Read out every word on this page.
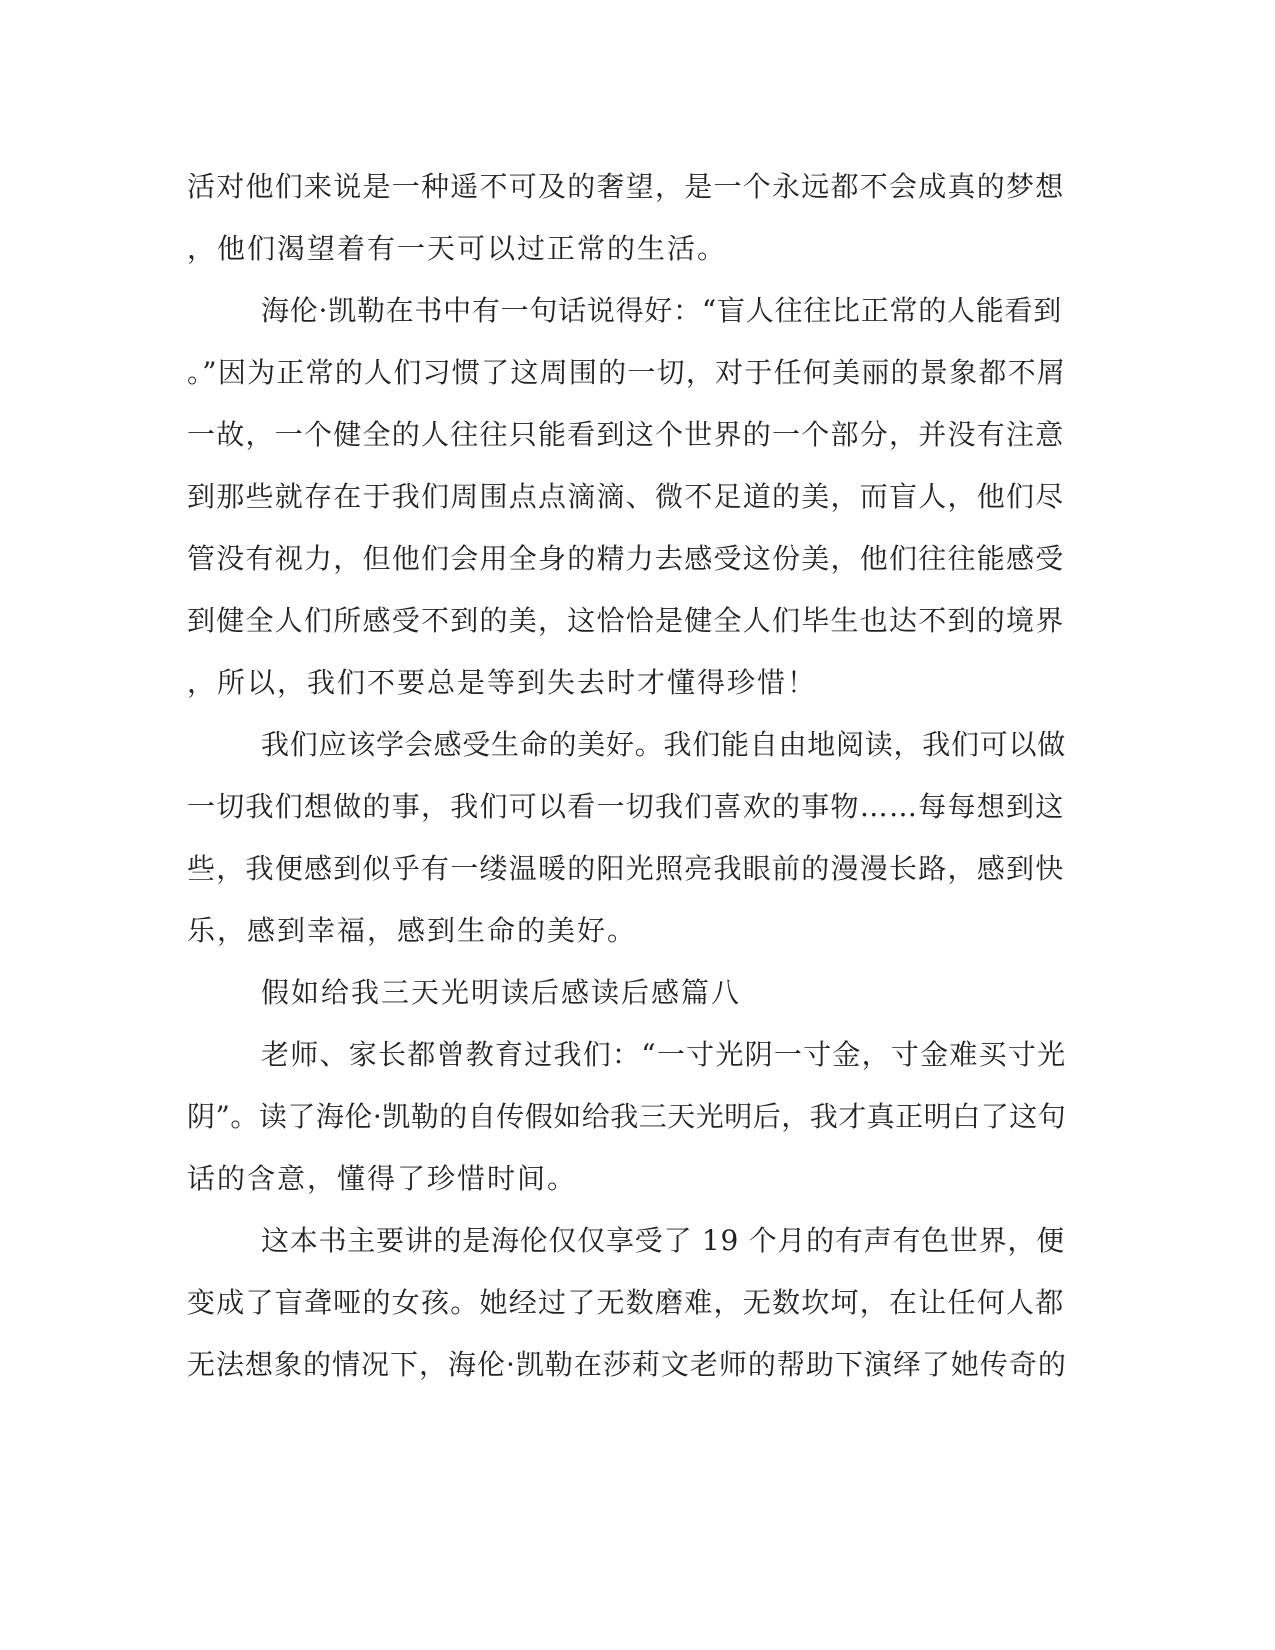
活对他们来说是一种遥不可及的奢望，是一个永远都不会成真的梦想
，他们渴望着有一天可以过正常的生活。
海伦·凯勒在书中有一句话说得好：“盲人往往比正常的人能看到
。”因为正常的人们习惯了这周围的一切，对于任何美丽的景象都不屑
一故，一个健全的人往往只能看到这个世界的一个部分，并没有注意
到那些就存在于我们周围点点滴滴、微不足道的美，而盲人，他们尽
管没有视力，但他们会用全身的精力去感受这份美，他们往往能感受
到健全人们所感受不到的美，这恰恰是健全人们毕生也达不到的境界
，所以，我们不要总是等到失去时才懂得珍惜！
我们应该学会感受生命的美好。我们能自由地阅读，我们可以做
一切我们想做的事，我们可以看一切我们喜欢的事物……每每想到这
些，我便感到似乎有一缕温暖的阳光照亮我眼前的漫漫长路，感到快
乐，感到幸福，感到生命的美好。
假如给我三天光明读后感读后感篇八
老师、家长都曾教育过我们：“一寸光阴一寸金，寸金难买寸光
阴”。读了海伦·凯勒的自传假如给我三天光明后，我才真正明白了这句
话的含意，懂得了珍惜时间。
这本书主要讲的是海伦仅仅享受了 19 个月的有声有色世界，便
变成了盲聋哑的女孩。她经过了无数磨难，无数坎坷，在让任何人都
无法想象的情况下，海伦·凯勒在莎莉文老师的帮助下演绎了她传奇的
